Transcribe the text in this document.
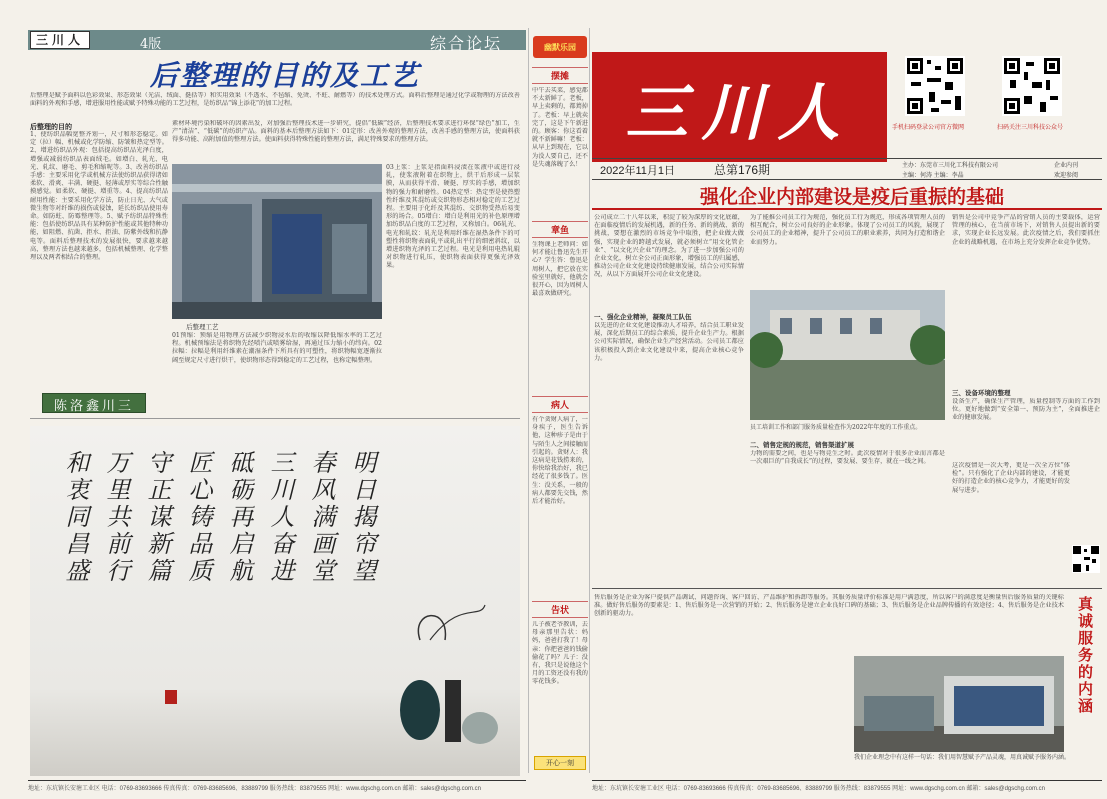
三川人	4版	综合论坛
后整理的目的及工艺
后整理是赋予面料以色彩效果、形态效果（光洁、绒面、挺括等）和实用效果（不透水、不毡缩、免烫、不蛀、耐燃等）的技术处理方式。面料后整理是通过化学或物理的方法改善面料的外观和手感，增进服用性能或赋予特殊功能的工艺过程，是纺织品“锦上添花”的加工过程。
后整理的目的
1、使纺织品幅宽整齐划一，尺寸和形态稳定。如定（拉）幅、机械或化学防缩、防皱和热定型等。2、增进纺织品外观：包括提高纺织品光泽白度，增强或减弱纺织品表面绒毛。如增白、轧光、电光、轧纹、磨毛、剪毛和缩呢等。3、改善纺织品手感：主要采用化学或机械方法使纺织品获得诸如柔软、滑爽、丰满、硬挺、轻薄或厚实等综合性触摸感觉。如柔软、硬挺、增重等。4、提高纺织品耐用性能：主要采用化学方法，防止日光、大气或微生物等对纤维的损伤或侵蚀，延长纺织品使用寿命。如防蛀、防霉整理等。5、赋予纺织品特殊性能：包括使纺织品具有某种防护性能或其他特种功能，如阻燃、抗菌、拒水、拒油、防紫外线和抗静电等。面料后整理技术的发展很快，要求越来越高，整理方法也越来越多，包括机械整理、化学整理以及两者相结合的整理。
素材环境污染和破坏的因素出发，对加强后整理技术进一步研究，提倡“低碳”经济，后整理技术要求进行环保“绿色”加工，生产“清洁”、“低碳”的纺织产品。面料的基本后整理方法如下：01定形：改善外观的整理方法，改善手感的整理方法，使面料获得多功能、高附加值的整理方法。使面料获得特殊性能的整理方法，满足特殊要求的整理方法。
后整理工艺
01预缩：预缩是用物理方法减少织物浸水后的收缩以降低缩水率的工艺过程。机械预缩法是将织物先经喷汽或喷雾给湿，再通过压力缩小的纬向。02拉幅：拉幅是利用纤维素在潮湿条件下所具有的可塑性，将织物幅宽逐渐拉阔至规定尺寸进行烘干，使织物形态得到稳定的工艺过程，也称定幅整理。
03上浆：上浆是指面料浸渍在浆液中或进行浸轧，使浆液附着在织物上，烘干后形成一层浆膜，从而获得平滑、硬挺、厚实的手感，增加织物的强力和耐磨性。04热定型：热定型是使热塑性纤维及其混纺或交织物形态相对稳定的工艺过程。主要用于化纤及其混纺、交织物受热后易变形的场合。05增白：增白是利用光的补色原理增加纺织品白度的工艺过程，又称加白。06轧光、电光和轧纹：轧光是利用纤维在湿热条件下的可塑性将织物表面轧平或轧出平行的细密斜纹，以增进织物光泽的工艺过程。电光是利用电热轧辊对织物进行轧压，使织物表面获得更强光泽效果。
陈洛鑫川三
明日揭帘望
春风满画堂
三川人奋进
砥砺再启航
匠心铸品质
守正谋新篇
万里共前行
和衷同昌盛
幽默乐园
摆摊
中午去买菜，感觉都不太新鲜了。老板，早上卖剩的，都蔫掉了。老板：早上就卖完了，这是下午新进的。顾客：你这看着就不新鲜嘛！老板：从早上到现在，它以为没人要自己，还不是失魂落魄了么！
章鱼
生物课上老师问：如何才能让鲁迅先生开心？学生答：鲁迅是周树人，把它放在实验室里就好，他就会很开心，因为周树人最喜欢做研究。
病人
有个贪财人病了，一身疾子，医生告诉他，这种疹子是由于与陌生人之间接触而引起的。贪财人：我这病是花钱捞来的，你快给我治好，我已经花了很多钱了。医生：没关系，一般的病人都要先交钱，然后才能治好。
告状
儿子被老爷教训，去母亲那里告状：妈妈，爸爸打我了！母亲：你把爸爸的钱偷偷花了吗？儿子：没有，我只是说他这个月的工资还没有我的零花钱多。
开心一刻
三川人	手机扫码登录公司官方微网	扫码关注三川科技公众号
2022年11月1日	总第176期	主办：东莞市三川化工科技有限公司
主编：何涛 主编：李晶
企业内刊
欢迎参阅
强化企业内部建设是疫后重振的基础
公司成立二十八年以来，积淀了较为深厚的文化底蕴，在面临疫情后的发展机遇，新的任务、新的挑战、新的挑战，要想在激烈的市场竞争中取胜，把企业做大做强，实现企业的跨越式发展，就必须树立“用文化管企业”、“以文化兴企业”的理念。为了进一步加强公司的企业文化，树立全公司正面形象，增强员工的归属感，推动公司企业文化建设持续健康发展，结合公司实际情况，从以下方面展开公司企业文化建设。
一、强化企业精神，凝聚员工队伍
以先进的企业文化建设推动人才培养，结合员工职业发展，深化后期员工的综合素质，提升企业生产力。根据公司实际情况，确保企业生产经营活动。公司员工都应该积极投入到企业文化建设中来，提高企业核心竞争力。
为了能推公司员工行为规范，强化员工行为规范，形成各项管理人员的相互配合，树立公司良好的企业形象。体现了公司员工的风貌，展现了公司员工的企业精神，提升了公司员工的职业素养，共同为打造和谐企业而努力。
员工培训工作和部门服务质量检查作为2022年年度的工作重点。
二、销售定规的规范，销售渠道扩展
力物的需要之间，也是与物竞生之时。此次疫情对于很多企业而言都是一次艰巨的“自我成长”的过程，要发展、要生存，就在一线之间。
销售是公司中竞争产品的营销人员的主要载体，运营管理的核心，在当前市场下，对销售人员提出新的要求，实现企业长远发展。此次疫情之后，我们要抓住企业的战略机遇，在市场上充分发挥企业竞争优势。
三、设备环境的整理
设备生产，确保生产管理，质量控制等方面的工作到位。更好地做到“安全第一、预防为主”，全面推进企业的健康发展。
这次疫情是一次大考，更是一次全方位“体检”。只有强化了企业内部的建设，才能更好的打造企业的核心竞争力，才能更好的发展与进步。
售后服务是企业为客户提供产品调试、问题咨询、客户回访、产品维护和拆卸等服务。其服务质量评价标准是用户满意度，所以客户的满意度是衡量售后服务质量的关键标准。做好售后服务的要素是：1、售后服务是一次营销的开始；2、售后服务是建立企业良好口碑的基础；3、售后服务是企业品牌传播的有效途径；4、售后服务是企业技术创新的驱动力。	真诚服务的内涵
我们企业理念中有这样一句话：我们用智慧赋予产品灵魂，用真诚赋予服务内涵。
地址：东坑镇长安塘工业区 电话：0769-83693666 传真传真：0769-83685696、83889799 服务热线：83879555 网址：www.dgschg.com.cn 邮箱：sales@dgschg.com.cn	地址：东坑镇长安塘工业区 电话：0769-83693666 传真传真：0769-83685696、83889799 服务热线：83879555 网址：www.dgschg.com.cn 邮箱：sales@dgschg.com.cn
